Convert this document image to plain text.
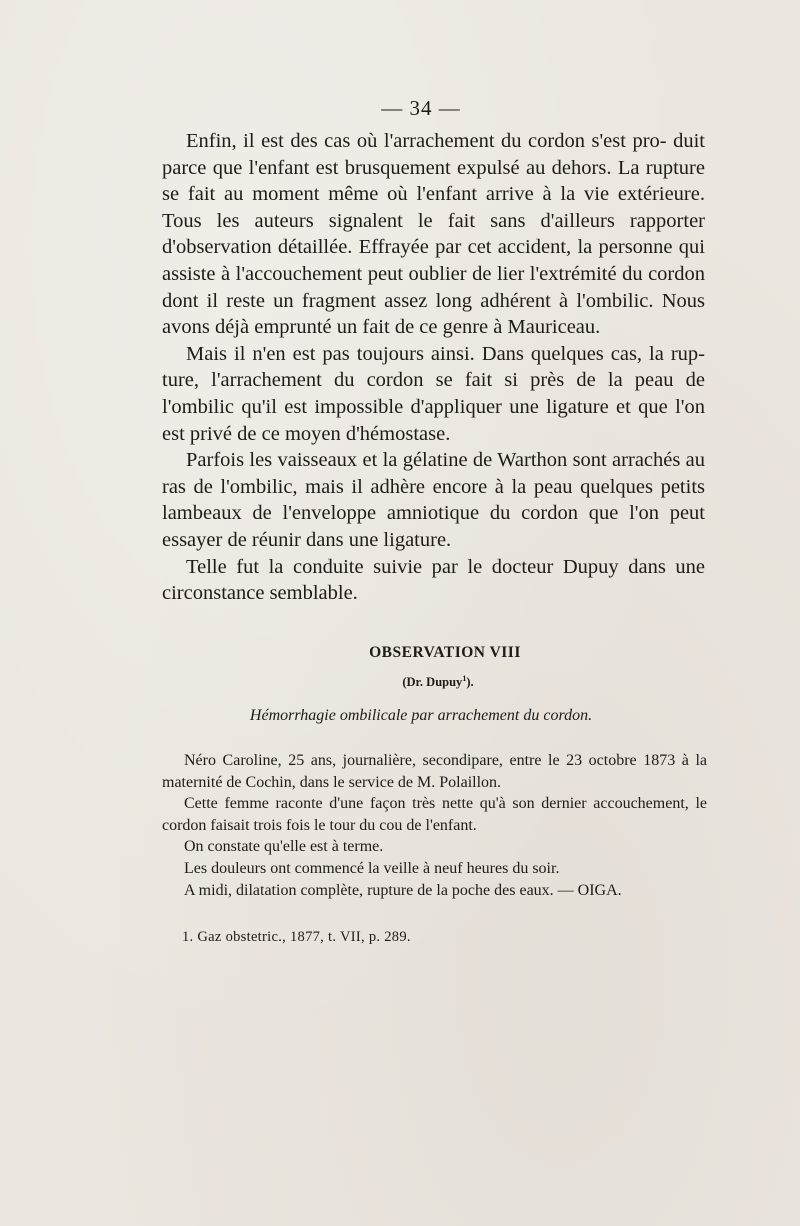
— 34 —

Enfin, il est des cas où l'arrachement du cordon s'est pro- duit parce que l'enfant est brusquement expulsé au dehors. La rupture se fait au moment même où l'enfant arrive à la vie extérieure. Tous les auteurs signalent le fait sans d'ailleurs rapporter d'observation détaillée. Effrayée par cet accident, la personne qui assiste à l'accouchement peut oublier de lier l'extrémité du cordon dont il reste un fragment assez long adhérent à l'ombilic. Nous avons déjà emprunté un fait de ce genre à Mauriceau.

Mais il n'en est pas toujours ainsi. Dans quelques cas, la rup- ture, l'arrachement du cordon se fait si près de la peau de l'ombilic qu'il est impossible d'appliquer une ligature et que l'on est privé de ce moyen d'hémostase.

Parfois les vaisseaux et la gélatine de Warthon sont arrachés au ras de l'ombilic, mais il adhère encore à la peau quelques petits lambeaux de l'enveloppe amniotique du cordon que l'on peut essayer de réunir dans une ligature.

Telle fut la conduite suivie par le docteur Dupuy dans une circonstance semblable.

OBSERVATION VIII
(Dr. Dupuy$^1$).
Hémorrhagie ombilicale par arrachement du cordon.

Néro Caroline, 25 ans, journalière, secondipare, entre le 23 octobre 1873 à la maternité de Cochin, dans le service de M. Polaillon.

Cette femme raconte d'une façon très nette qu'à son dernier accouchement, le cordon faisait trois fois le tour du cou de l'enfant.

On constate qu'elle est à terme.

Les douleurs ont commencé la veille à neuf heures du soir.

A midi, dilatation complète, rupture de la poche des eaux. — OIGA.

1. Gaz obstetric., 1877, t. VII, p. 289.
